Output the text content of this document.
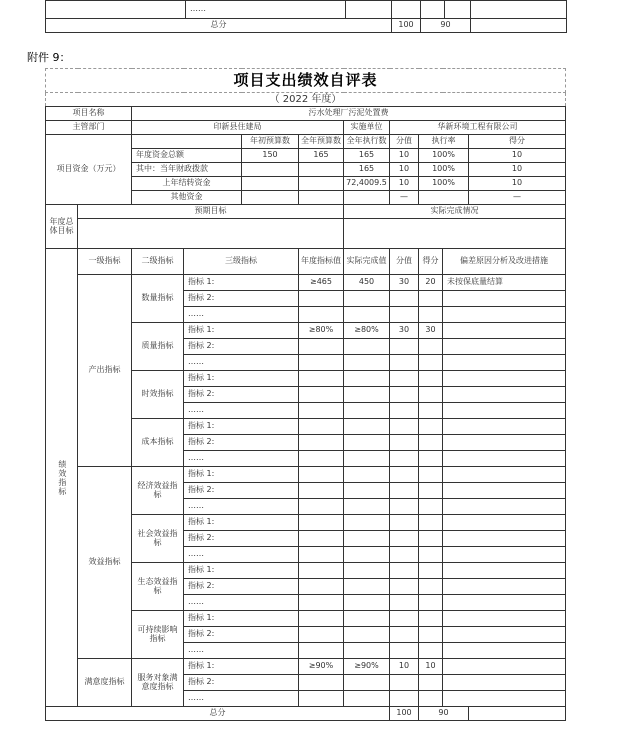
	……					
总分			100	90		
附件 9：
项目支出绩效自评表										
（ 2022 年度）										
项目名称		污水处理厂污泥处置费								
主管部门		印新县住建局				实施单位	华新环境工程有限公司			
项目资金（万元）				年初预算数	全年预算数	全年执行数	分值	执行率		得分
		年度资金总额		150	165	165	10	100%		10
		其中：当年财政拨款				165	10	100%		10
		上年结转资金				72,4009.5	10	100%		10
		其他资金					—			—
年度总体目标	预期目标					实际完成情况				

绩效指标	一级指标	二级指标	三级指标		年度指标值	实际完成值	分值	得分	偏差原因分析及改进措施	
	产出指标	数量指标	指标 1:		≥465	450	30	20	未按保底量结算	
			指标 2:							
			……							
		质量指标	指标 1:		≥80%	≥80%	30	30		
			指标 2:							
			……							
		时效指标	指标 1:							
			指标 2:							
			……							
		成本指标	指标 1:							
			指标 2:							
			……							
	效益指标	经济效益指标	指标 1:							
			指标 2:							
			……							
		社会效益指标	指标 1:							
			指标 2:							
			……							
		生态效益指标	指标 1:							
			指标 2:							
			……							
		可持续影响指标	指标 1:							
			指标 2:							
			……							
	满意度指标	服务对象满意度指标	指标 1:		≥90%	≥90%	10	10		
			指标 2:							
			……							
总分							100	90		
